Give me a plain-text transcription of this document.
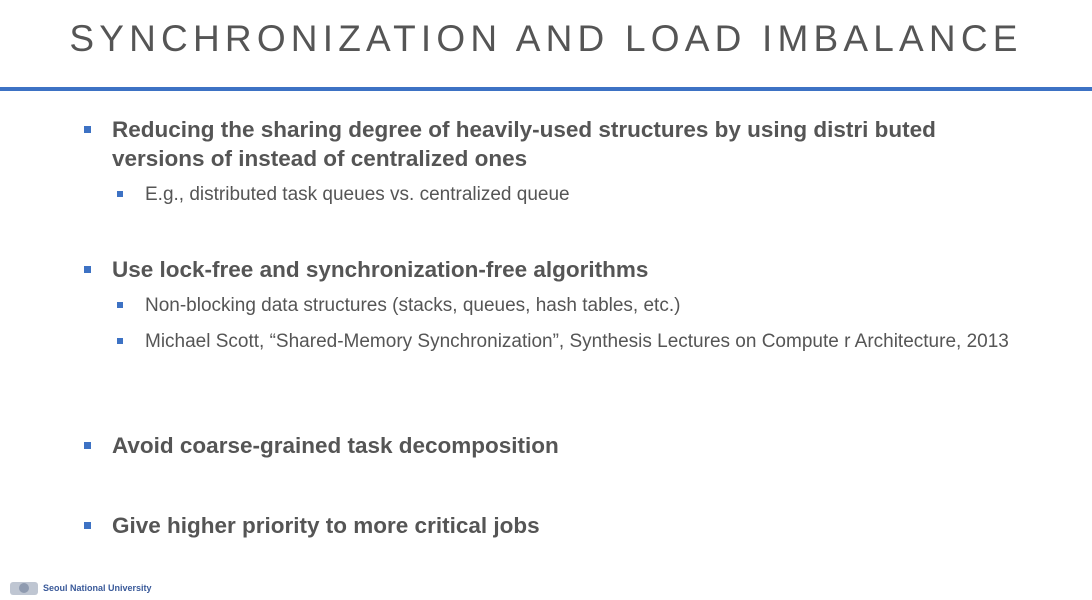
SYNCHRONIZATION AND LOAD IMBALANCE
Reducing the sharing degree of heavily-used structures by using distri buted versions of instead of centralized ones
E.g., distributed task queues vs. centralized queue
Use lock-free and synchronization-free algorithms
Non-blocking data structures (stacks, queues, hash tables, etc.)
Michael Scott, “Shared-Memory Synchronization”, Synthesis Lectures on Compute r Architecture, 2013
Avoid coarse-grained task decomposition
Give higher priority to more critical jobs
Seoul National University
